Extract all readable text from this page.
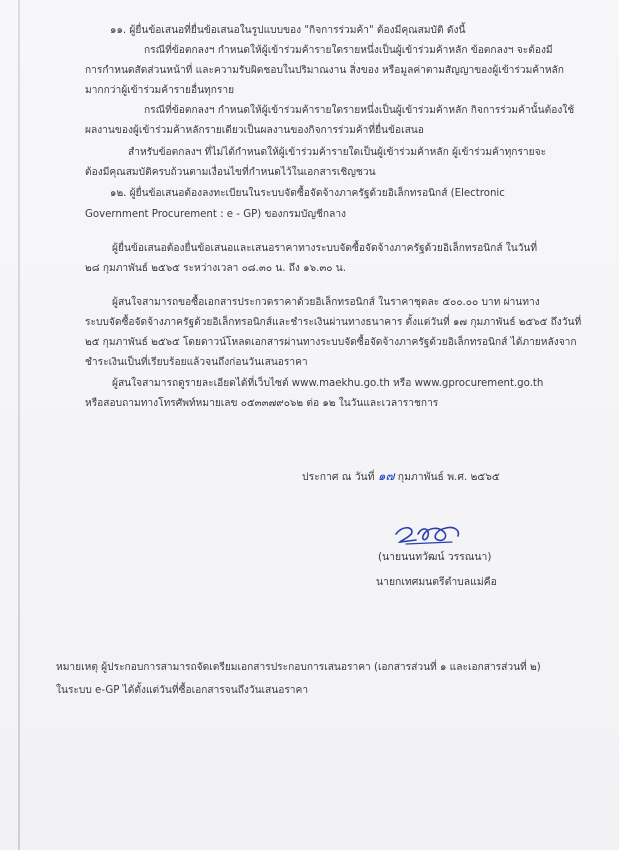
๑๑. ผู้ยื่นข้อเสนอที่ยื่นข้อเสนอในรูปแบบของ "กิจการร่วมค้า" ต้องมีคุณสมบัติ ดังนี้
กรณีที่ข้อตกลงฯ กำหนดให้ผู้เข้าร่วมค้ารายใดรายหนึ่งเป็นผู้เข้าร่วมค้าหลัก ข้อตกลงฯ จะต้องมี
การกำหนดสัดส่วนหน้าที่ และความรับผิดชอบในปริมาณงาน สิ่งของ หรือมูลค่าตามสัญญาของผู้เข้าร่วมค้าหลัก
มากกว่าผู้เข้าร่วมค้ารายอื่นทุกราย
กรณีที่ข้อตกลงฯ กำหนดให้ผู้เข้าร่วมค้ารายใดรายหนึ่งเป็นผู้เข้าร่วมค้าหลัก กิจการร่วมค้านั้นต้องใช้
ผลงานของผู้เข้าร่วมค้าหลักรายเดียวเป็นผลงานของกิจการร่วมค้าที่ยื่นข้อเสนอ
สำหรับข้อตกลงฯ ที่ไม่ได้กำหนดให้ผู้เข้าร่วมค้ารายใดเป็นผู้เข้าร่วมค้าหลัก ผู้เข้าร่วมค้าทุกรายจะ
ต้องมีคุณสมบัติครบถ้วนตามเงื่อนไขที่กำหนดไว้ในเอกสารเชิญชวน
๑๒. ผู้ยื่นข้อเสนอต้องลงทะเบียนในระบบจัดซื้อจัดจ้างภาครัฐด้วยอิเล็กทรอนิกส์ (Electronic
Government Procurement : e - GP) ของกรมบัญชีกลาง
ผู้ยื่นข้อเสนอต้องยื่นข้อเสนอและเสนอราคาทางระบบจัดซื้อจัดจ้างภาครัฐด้วยอิเล็กทรอนิกส์ ในวันที่
๒๘ กุมภาพันธ์ ๒๕๖๕ ระหว่างเวลา ๐๘.๓๐ น. ถึง ๑๖.๓๐ น.
ผู้สนใจสามารถขอซื้อเอกสารประกวดราคาด้วยอิเล็กทรอนิกส์ ในราคาชุดละ ๕๐๐.๐๐ บาท ผ่านทาง
ระบบจัดซื้อจัดจ้างภาครัฐด้วยอิเล็กทรอนิกส์และชำระเงินผ่านทางธนาคาร ตั้งแต่วันที่ ๑๗ กุมภาพันธ์ ๒๕๖๕ ถึงวันที่
๒๕ กุมภาพันธ์ ๒๕๖๕ โดยดาวน์โหลดเอกสารผ่านทางระบบจัดซื้อจัดจ้างภาครัฐด้วยอิเล็กทรอนิกส์ ได้ภายหลังจาก
ชำระเงินเป็นที่เรียบร้อยแล้วจนถึงก่อนวันเสนอราคา
ผู้สนใจสามารถดูรายละเอียดได้ที่เว็บไซต์ www.maekhu.go.th หรือ www.gprocurement.go.th
หรือสอบถามทางโทรศัพท์หมายเลข ๐๕๓๓๗๙๐๖๒ ต่อ ๑๒ ในวันและเวลาราชการ
ประกาศ ณ วันที่ ๑๗ กุมภาพันธ์ พ.ศ. ๒๕๖๕
(นายนนทวัฒน์ วรรณนา)
นายกเทศมนตรีตำบลแม่คือ
หมายเหตุ ผู้ประกอบการสามารถจัดเตรียมเอกสารประกอบการเสนอราคา (เอกสารส่วนที่ ๑ และเอกสารส่วนที่ ๒)
ในระบบ e-GP ได้ตั้งแต่วันที่ซื้อเอกสารจนถึงวันเสนอราคา
